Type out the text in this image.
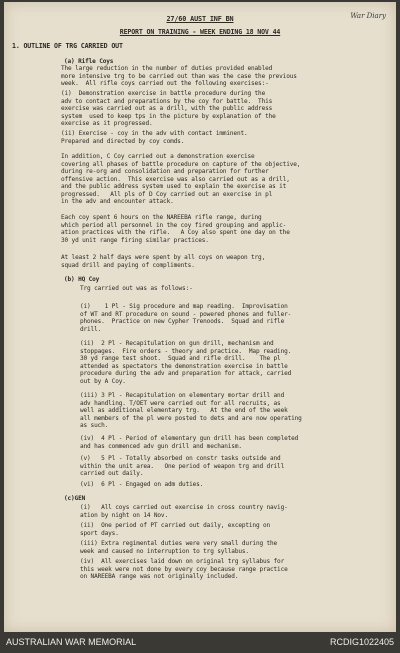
War Diary
27/60 AUST INF BN
REPORT ON TRAINING - WEEK ENDING 18 NOV 44
1. OUTLINE OF TRG CARRIED OUT
(a) Rifle Coys
The large reduction in the number of duties provided enabled
more intensive trg to be carried out than was the case the previous
week.  All rifle coys carried out the following exercises:-
(i)  Demonstration exercise in battle procedure during the
adv to contact and preparations by the coy for battle.  This
exercise was carried out as a drill, with the public address
system  used to keep tps in the picture by explanation of the
exercise as it progressed.
(ii) Exercise - coy in the adv with contact imminent.
Prepared and directed by coy comds.
In addition, C Coy carried out a demonstration exercise
covering all phases of battle procedure on capture of the objective,
during re-org and consolidation and preparation for further
offensive action.  This exercise was also carried out as a drill,
and the public address system used to explain the exercise as it
progressed.   All pls of D Coy carried out an exercise in pl
in the adv and encounter attack.
Each coy spent 6 hours on the NAREEBA rifle range, during
which period all personnel in the coy fired grouping and applic-
ation practices with the rifle.   A Coy also spent one day on the
30 yd unit range firing similar practices.
At least 2 half days were spent by all coys on weapon trg,
squad drill and paying of compliments.
(b) HQ Coy
Trg carried out was as follows:-
(i)    1 Pl - Sig procedure and map reading.  Improvisation
of WT and RT procedure on sound - powered phones and fuller-
phones.  Practice on new Cypher Trenoods.  Squad and rifle
drill.
(ii)  2 Pl - Recapitulation on gun drill, mechanism and
stoppages.  Fire orders - theory and practice.  Map reading.
30 yd range test shoot.  Squad and rifle drill.    The pl
attended as spectators the demonstration exercise in battle
procedure during the adv and preparation for attack, carried
out by A Coy.
(iii) 3 Pl - Recapitulation on elementary mortar drill and
adv handling. T/OET were carried out for all recruits, as
well as additional elementary trg.   At the end of the week
all members of the pl were posted to dets and are now operating
as such.
(iv)  4 Pl - Period of elementary gun drill has been completed
and has commenced adv gun drill and mechanism.
(v)   5 Pl - Totally absorbed on constr tasks outside and
within the unit area.   One period of weapon trg and drill
carried out daily.
(vi)  6 Pl - Engaged on adm duties.
(c)GEN
(i)   All coys carried out exercise in cross country navig-
ation by night on 14 Nov.
(ii)  One period of PT carried out daily, excepting on
sport days.
(iii) Extra regimental duties were very small during the
week and caused no interruption to trg syllabus.
(iv)  All exercises laid down on original trg syllabus for
this week were not done by every coy because range practice
on NAREEBA range was not originally included.
AUSTRALIAN WAR MEMORIAL	RCDIG1022405
